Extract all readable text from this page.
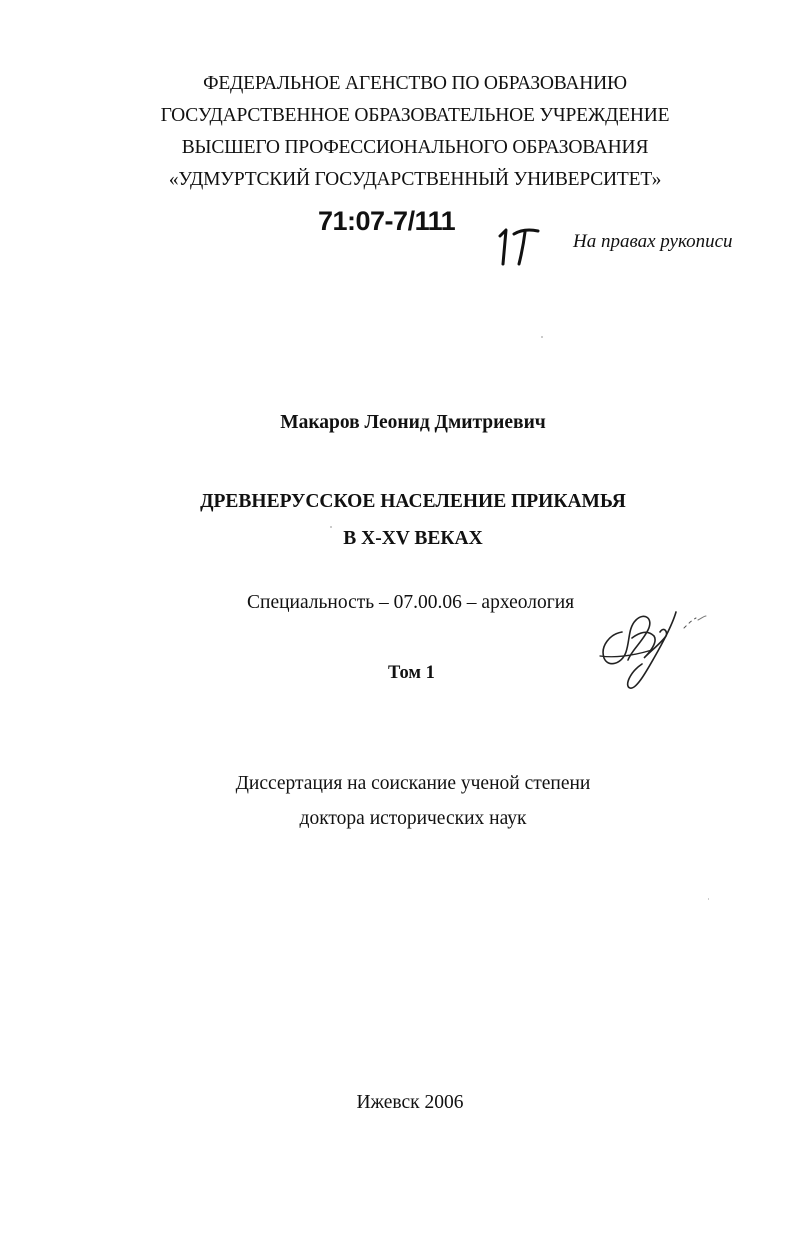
ФЕДЕРАЛЬНОЕ АГЕНСТВО ПО ОБРАЗОВАНИЮ
ГОСУДАРСТВЕННОЕ ОБРАЗОВАТЕЛЬНОЕ УЧРЕЖДЕНИЕ
ВЫСШЕГО ПРОФЕССИОНАЛЬНОГО ОБРАЗОВАНИЯ
«УДМУРТСКИЙ ГОСУДАРСТВЕННЫЙ УНИВЕРСИТЕТ»
71:07-7/111
На правах рукописи
Макаров Леонид Дмитриевич
ДРЕВНЕРУССКОЕ НАСЕЛЕНИЕ ПРИКАМЬЯ
В X-XV ВЕКАХ
Специальность – 07.00.06 – археология
Том 1
Диссертация на соискание ученой степени
доктора исторических наук
Ижевск 2006
